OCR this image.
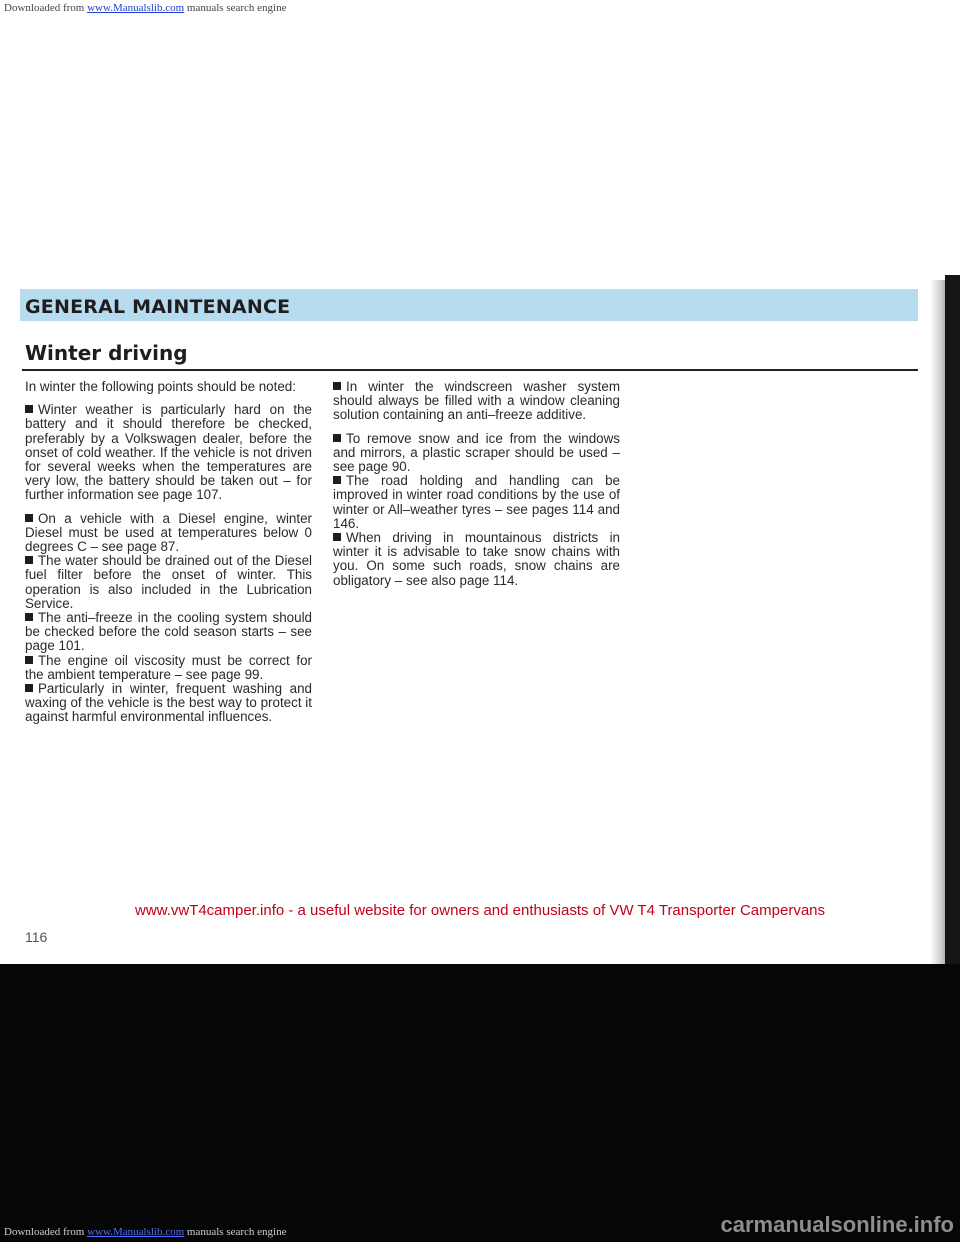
Downloaded from www.Manualslib.com manuals search engine
GENERAL MAINTENANCE
Winter driving

In winter the following points should be noted:

Winter weather is particularly hard on the battery and it should therefore be checked, preferably by a Volkswagen dealer, before the onset of cold weather. If the vehicle is not driven for several weeks when the temperatures are very low, the battery should be taken out – for further information see page 107.

On a vehicle with a Diesel engine, winter Diesel must be used at temperatures below 0 degrees C – see page 87.

The water should be drained out of the Diesel fuel filter before the onset of winter. This operation is also included in the Lubrication Service.

The anti–freeze in the cooling system should be checked before the cold season starts – see page 101.

The engine oil viscosity must be correct for the ambient temperature – see page 99.

Particularly in winter, frequent washing and waxing of the vehicle is the best way to protect it against harmful environmental influences.

In winter the windscreen washer system should always be filled with a window cleaning solution containing an anti–freeze additive.

To remove snow and ice from the windows and mirrors, a plastic scraper should be used – see page 90.

The road holding and handling can be improved in winter road conditions by the use of winter or All–weather tyres – see pages 114 and 146.

When driving in mountainous districts in winter it is advisable to take snow chains with you. On some such roads, snow chains are obligatory – see also page 114.

www.vwT4camper.info - a useful website for owners and enthusiasts of VW T4 Transporter Campervans
116
Downloaded from www.Manualslib.com manuals search engine	carmanualsonline.info
